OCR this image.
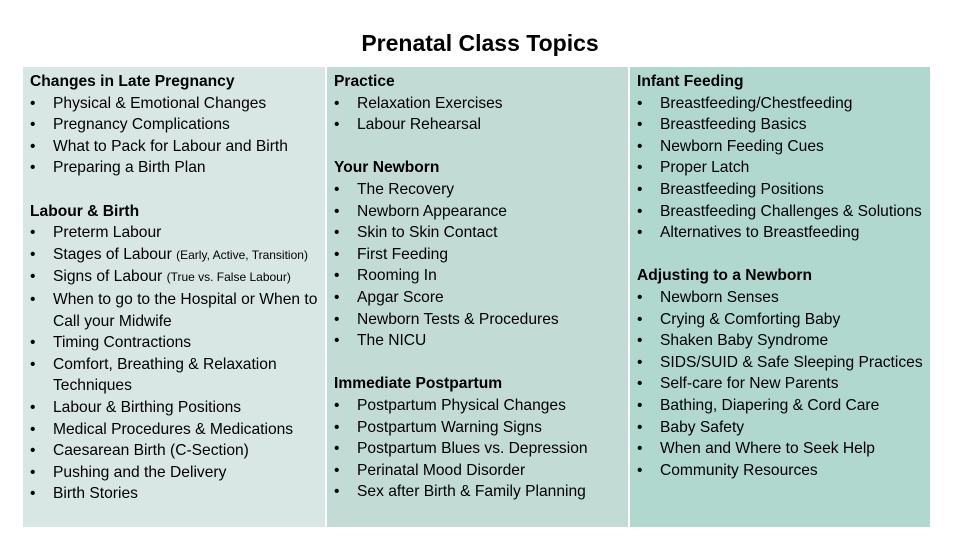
Prenatal Class Topics
Changes in Late Pregnancy
• Physical & Emotional Changes
• Pregnancy Complications
• What to Pack for Labour and Birth
• Preparing a Birth Plan
Labour & Birth
• Preterm Labour
• Stages of Labour (Early, Active, Transition)
• Signs of Labour (True vs. False Labour)
• When to go to the Hospital or When to Call your Midwife
• Timing Contractions
• Comfort, Breathing & Relaxation Techniques
• Labour & Birthing Positions
• Medical Procedures & Medications
• Caesarean Birth (C-Section)
• Pushing and the Delivery
• Birth Stories
Practice
• Relaxation Exercises
• Labour Rehearsal
Your Newborn
• The Recovery
• Newborn Appearance
• Skin to Skin Contact
• First Feeding
• Rooming In
• Apgar Score
• Newborn Tests & Procedures
• The NICU
Immediate Postpartum
• Postpartum Physical Changes
• Postpartum Warning Signs
• Postpartum Blues vs. Depression
• Perinatal Mood Disorder
• Sex after Birth & Family Planning
Infant Feeding
• Breastfeeding/Chestfeeding
• Breastfeeding Basics
• Newborn Feeding Cues
• Proper Latch
• Breastfeeding Positions
• Breastfeeding Challenges & Solutions
• Alternatives to Breastfeeding
Adjusting to a Newborn
• Newborn Senses
• Crying & Comforting Baby
• Shaken Baby Syndrome
• SIDS/SUID & Safe Sleeping Practices
• Self-care for New Parents
• Bathing, Diapering & Cord Care
• Baby Safety
• When and Where to Seek Help
• Community Resources
